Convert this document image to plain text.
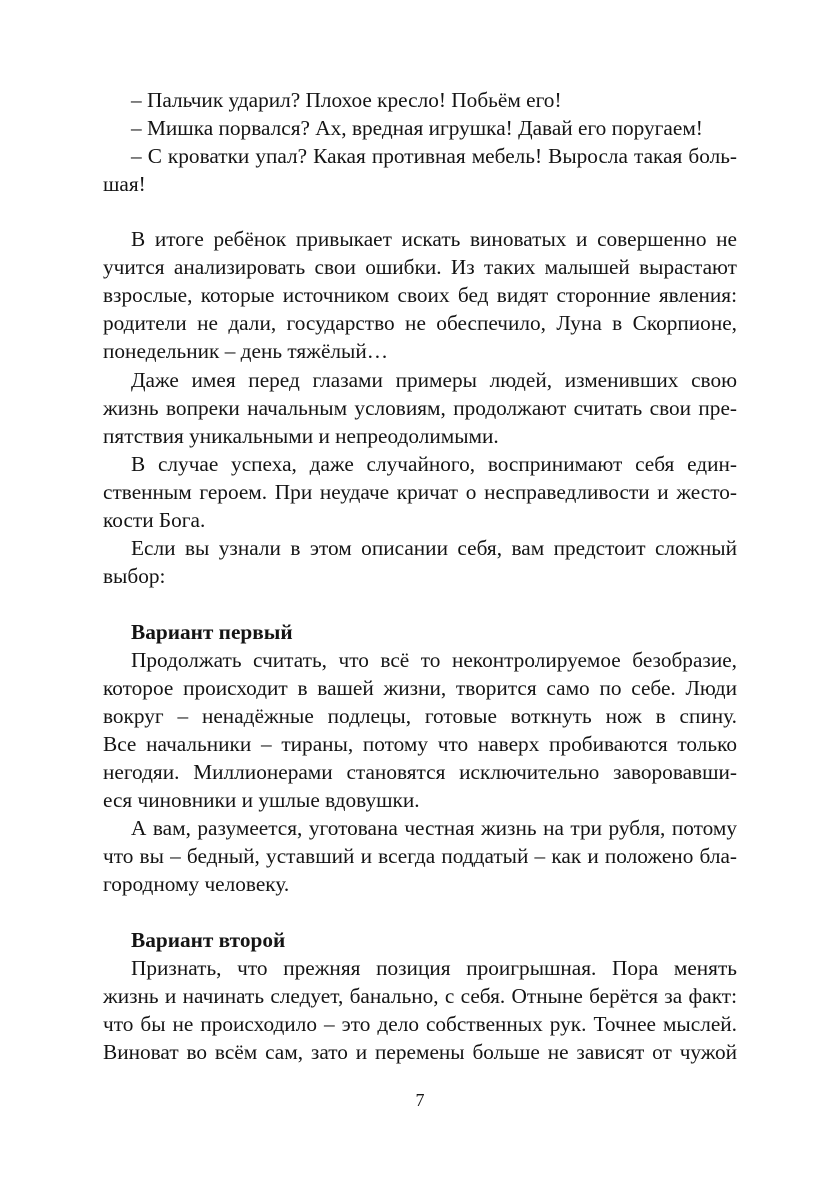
– Пальчик ударил? Плохое кресло! Побьём его!
– Мишка порвался? Ах, вредная игрушка! Давай его поругаем!
– С кроватки упал? Какая противная мебель! Выросла такая боль-
шая!
В итоге ребёнок привыкает искать виноватых и совершенно не
учится анализировать свои ошибки. Из таких малышей вырастают
взрослые, которые источником своих бед видят сторонние явления:
родители не дали, государство не обеспечило, Луна в Скорпионе,
понедельник – день тяжёлый…
Даже имея перед глазами примеры людей, изменивших свою
жизнь вопреки начальным условиям, продолжают считать свои пре-
пятствия уникальными и непреодолимыми.
В случае успеха, даже случайного, воспринимают себя един-
ственным героем. При неудаче кричат о несправедливости и жесто-
кости Бога.
Если вы узнали в этом описании себя, вам предстоит сложный
выбор:
Вариант первый
Продолжать считать, что всё то неконтролируемое безобразие,
которое происходит в вашей жизни, творится само по себе. Люди
вокруг – ненадёжные подлецы, готовые воткнуть нож в спину.
Все начальники – тираны, потому что наверх пробиваются только
негодяи. Миллионерами становятся исключительно заворовавши-
еся чиновники и ушлые вдовушки.
А вам, разумеется, уготована честная жизнь на три рубля, потому
что вы – бедный, уставший и всегда поддатый – как и положено бла-
городному человеку.
Вариант второй
Признать, что прежняя позиция проигрышная. Пора менять
жизнь и начинать следует, банально, с себя. Отныне берётся за факт:
что бы не происходило – это дело собственных рук. Точнее мыслей.
Виноват во всём сам, зато и перемены больше не зависят от чужой
7
